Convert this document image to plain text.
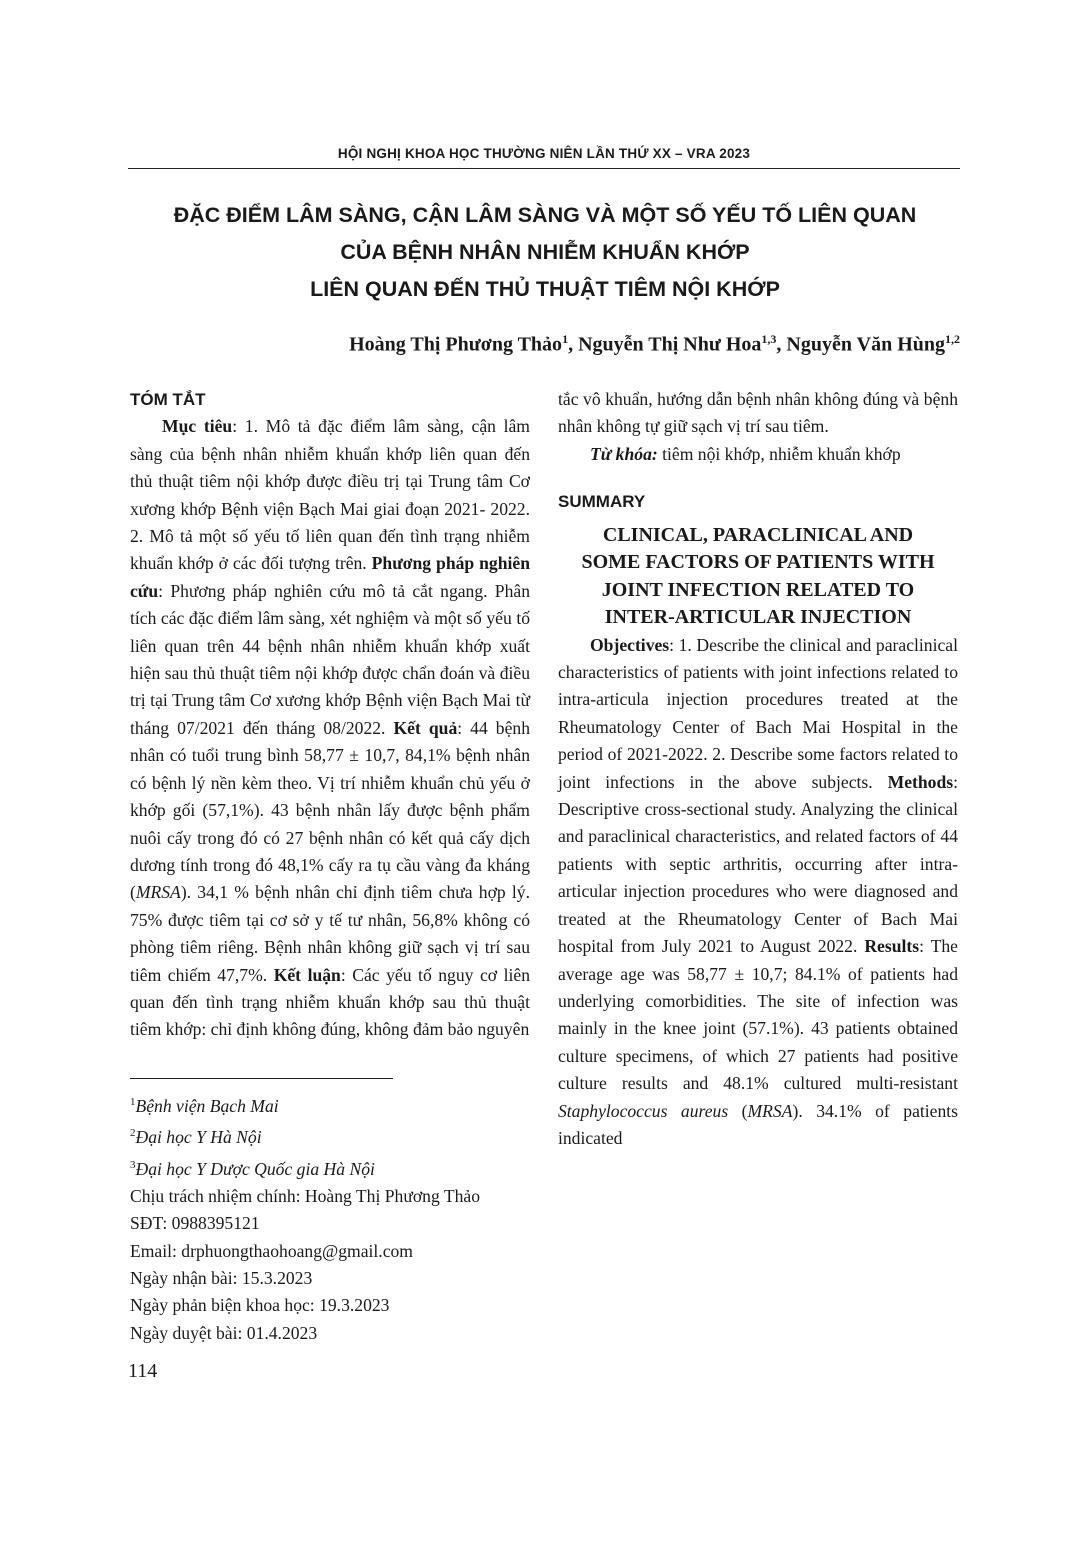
HỘI NGHỊ KHOA HỌC THƯỜNG NIÊN LẦN THỨ XX – VRA 2023
ĐẶC ĐIỂM LÂM SÀNG, CẬN LÂM SÀNG VÀ MỘT SỐ YẾU TỐ LIÊN QUAN
CỦA BỆNH NHÂN NHIỄM KHUẨN KHỚP
LIÊN QUAN ĐẾN THỦ THUẬT TIÊM NỘI KHỚP
Hoàng Thị Phương Thảo$^1$, Nguyễn Thị Như Hoa$^{1,3}$, Nguyễn Văn Hùng$^{1,2}$
TÓM TẮT

Mục tiêu: 1. Mô tả đặc điểm lâm sàng, cận lâm sàng của bệnh nhân nhiễm khuẩn khớp liên quan đến thủ thuật tiêm nội khớp được điều trị tại Trung tâm Cơ xương khớp Bệnh viện Bạch Mai giai đoạn 2021- 2022. 2. Mô tả một số yếu tố liên quan đến tình trạng nhiễm khuẩn khớp ở các đối tượng trên. Phương pháp nghiên cứu: Phương pháp nghiên cứu mô tả cắt ngang. Phân tích các đặc điểm lâm sàng, xét nghiệm và một số yếu tố liên quan trên 44 bệnh nhân nhiễm khuẩn khớp xuất hiện sau thủ thuật tiêm nội khớp được chẩn đoán và điều trị tại Trung tâm Cơ xương khớp Bệnh viện Bạch Mai từ tháng 07/2021 đến tháng 08/2022. Kết quả: 44 bệnh nhân có tuổi trung bình 58,77 ± 10,7, 84,1% bệnh nhân có bệnh lý nền kèm theo. Vị trí nhiễm khuẩn chủ yếu ở khớp gối (57,1%). 43 bệnh nhân lấy được bệnh phẩm nuôi cấy trong đó có 27 bệnh nhân có kết quả cấy dịch dương tính trong đó 48,1% cấy ra tụ cầu vàng đa kháng (MRSA). 34,1 % bệnh nhân chỉ định tiêm chưa hợp lý. 75% được tiêm tại cơ sở y tế tư nhân, 56,8% không có phòng tiêm riêng. Bệnh nhân không giữ sạch vị trí sau tiêm chiếm 47,7%. Kết luận: Các yếu tố nguy cơ liên quan đến tình trạng nhiễm khuẩn khớp sau thủ thuật tiêm khớp: chỉ định không đúng, không đảm bảo nguyên

$^1$Bệnh viện Bạch Mai
$^2$Đại học Y Hà Nội
$^3$Đại học Y Dược Quốc gia Hà Nội
Chịu trách nhiệm chính: Hoàng Thị Phương Thảo
SĐT: 0988395121
Email: drphuongthaohoang@gmail.com
Ngày nhận bài: 15.3.2023
Ngày phản biện khoa học: 19.3.2023
Ngày duyệt bài: 01.4.2023

tắc vô khuẩn, hướng dẫn bệnh nhân không đúng và bệnh nhân không tự giữ sạch vị trí sau tiêm.

Từ khóa: tiêm nội khớp, nhiễm khuẩn khớp

SUMMARY
CLINICAL, PARACLINICAL AND
SOME FACTORS OF PATIENTS WITH
JOINT INFECTION RELATED TO
INTER-ARTICULAR INJECTION

Objectives: 1. Describe the clinical and paraclinical characteristics of patients with joint infections related to intra-articula injection procedures treated at the Rheumatology Center of Bach Mai Hospital in the period of 2021-2022. 2. Describe some factors related to joint infections in the above subjects. Methods: Descriptive cross-sectional study. Analyzing the clinical and paraclinical characteristics, and related factors of 44 patients with septic arthritis, occurring after intra-articular injection procedures who were diagnosed and treated at the Rheumatology Center of Bach Mai hospital from July 2021 to August 2022. Results: The average age was 58,77 ± 10,7; 84.1% of patients had underlying comorbidities. The site of infection was mainly in the knee joint (57.1%). 43 patients obtained culture specimens, of which 27 patients had positive culture results and 48.1% cultured multi-resistant Staphylococcus aureus (MRSA). 34.1% of patients indicated

114
